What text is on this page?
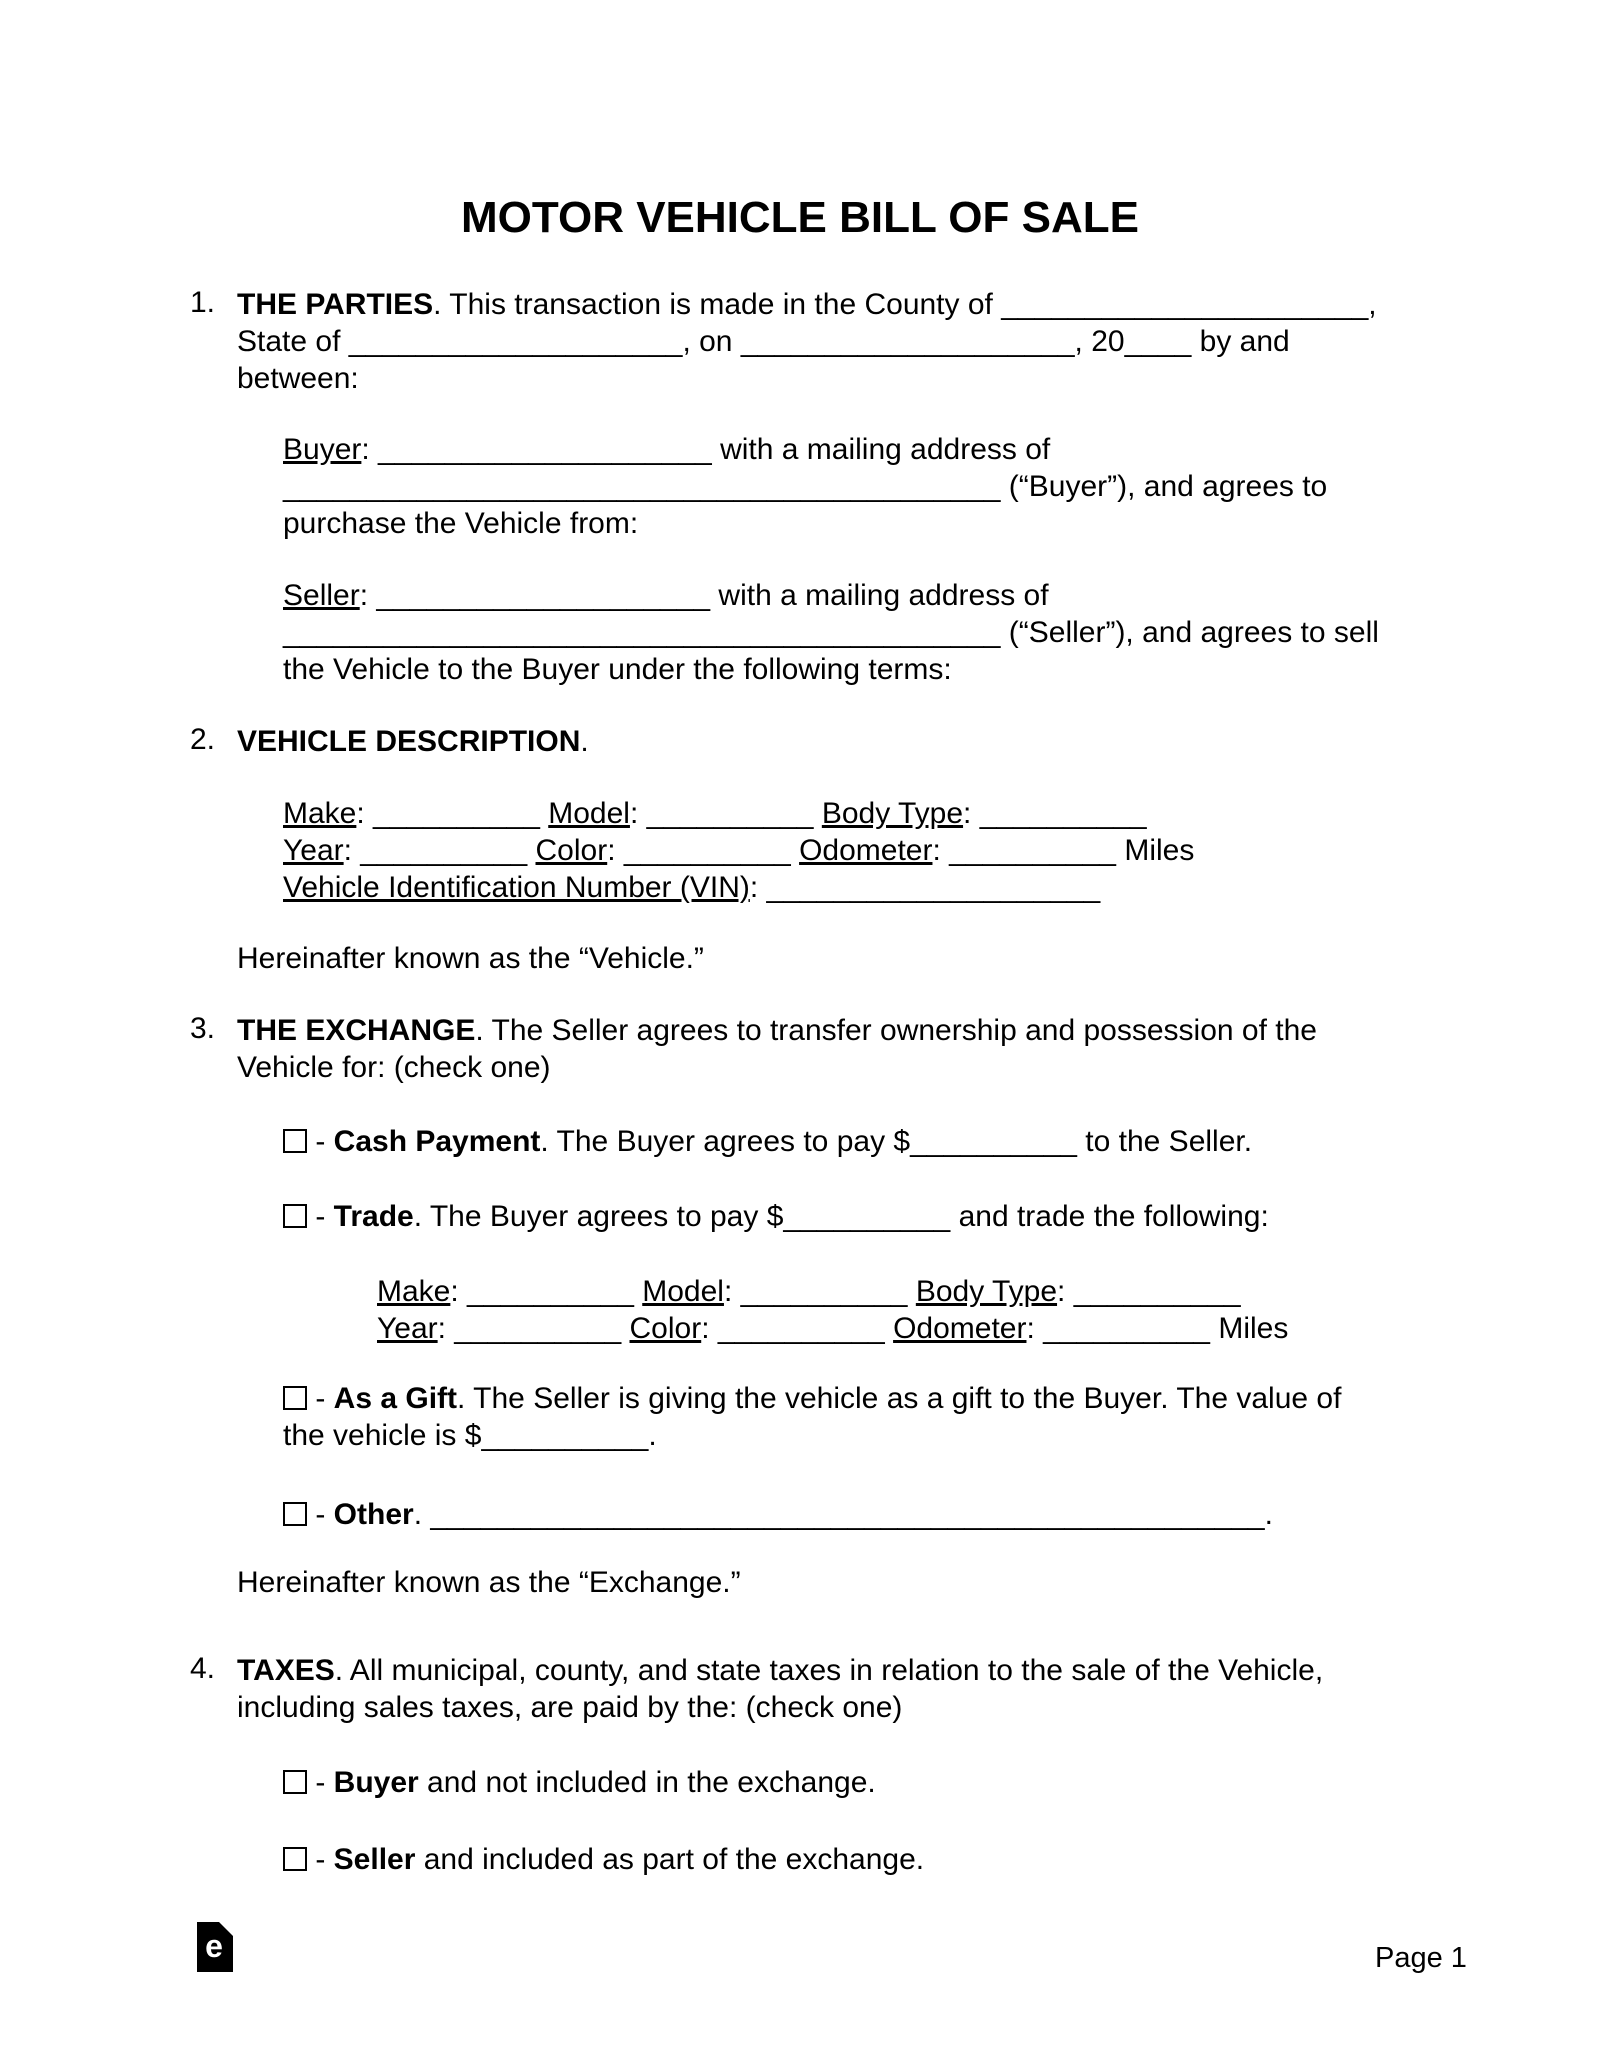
MOTOR VEHICLE BILL OF SALE
1. THE PARTIES. This transaction is made in the County of ______________________,
State of ____________________, on ____________________, 20____ by and
between:
Buyer: ____________________ with a mailing address of
___________________________________________ (“Buyer”), and agrees to
purchase the Vehicle from:
Seller: ____________________ with a mailing address of
___________________________________________ (“Seller”), and agrees to sell
the Vehicle to the Buyer under the following terms:
2. VEHICLE DESCRIPTION.
Make: __________ Model: __________ Body Type: __________
Year: __________ Color: __________ Odometer: __________ Miles
Vehicle Identification Number (VIN): ____________________
Hereinafter known as the “Vehicle.”
3. THE EXCHANGE. The Seller agrees to transfer ownership and possession of the
Vehicle for: (check one)
- Cash Payment. The Buyer agrees to pay $__________ to the Seller.
- Trade. The Buyer agrees to pay $__________ and trade the following:
Make: __________ Model: __________ Body Type: __________
Year: __________ Color: __________ Odometer: __________ Miles
- As a Gift. The Seller is giving the vehicle as a gift to the Buyer. The value of
the vehicle is $__________.
- Other. __________________________________________________.
Hereinafter known as the “Exchange.”
4. TAXES. All municipal, county, and state taxes in relation to the sale of the Vehicle,
including sales taxes, are paid by the: (check one)
- Buyer and not included in the exchange.
- Seller and included as part of the exchange.
e	Page 1
